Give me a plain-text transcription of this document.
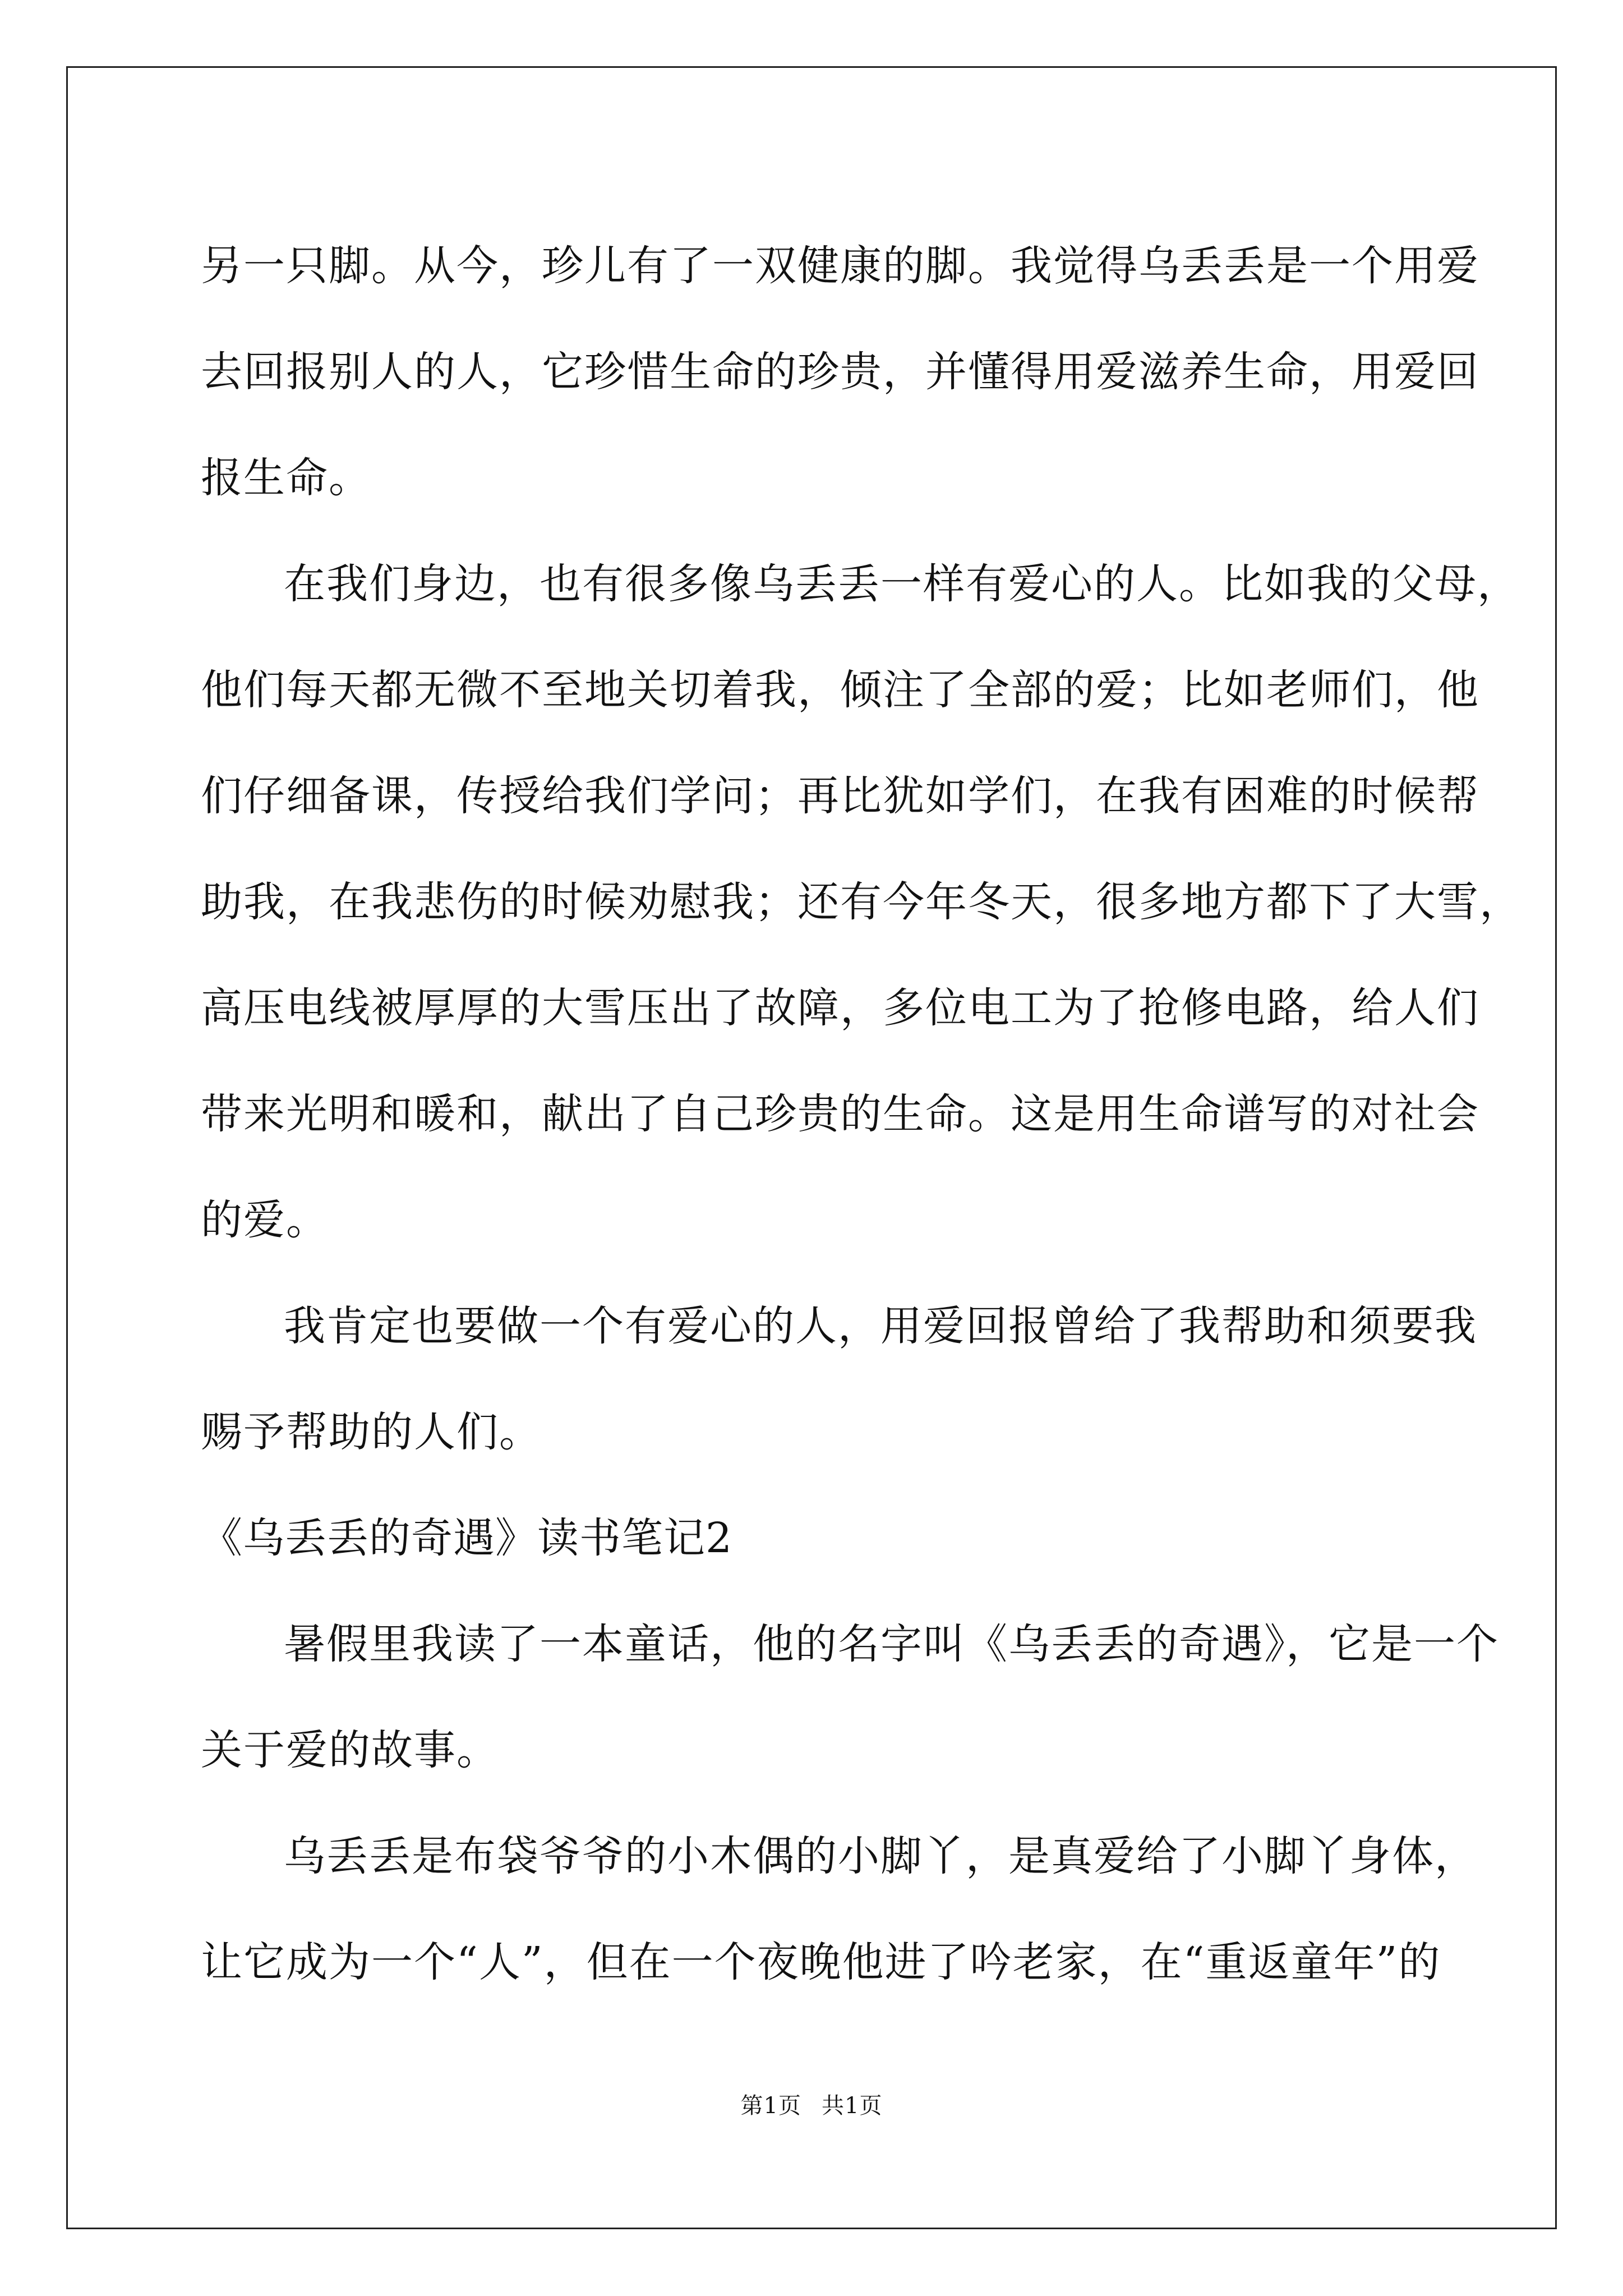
另一只脚。从今，珍儿有了一双健康的脚。我觉得乌丢丢是一个用爱
去回报别人的人，它珍惜生命的珍贵，并懂得用爱滋养生命，用爱回
报生命。
在我们身边，也有很多像乌丢丢一样有爱心的人。比如我的父母，
他们每天都无微不至地关切着我，倾注了全部的爱；比如老师们，他
们仔细备课，传授给我们学问；再比犹如学们，在我有困难的时候帮
助我，在我悲伤的时候劝慰我；还有今年冬天，很多地方都下了大雪，
高压电线被厚厚的大雪压出了故障，多位电工为了抢修电路，给人们
带来光明和暖和，献出了自己珍贵的生命。这是用生命谱写的对社会
的爱。
我肯定也要做一个有爱心的人，用爱回报曾给了我帮助和须要我
赐予帮助的人们。
《乌丢丢的奇遇》读书笔记2
暑假里我读了一本童话，他的名字叫《乌丢丢的奇遇》，它是一个
关于爱的故事。
乌丢丢是布袋爷爷的小木偶的小脚丫，是真爱给了小脚丫身体，
让它成为一个“人”，但在一个夜晚他进了吟老家，在“重返童年”的
第1页 共1页
